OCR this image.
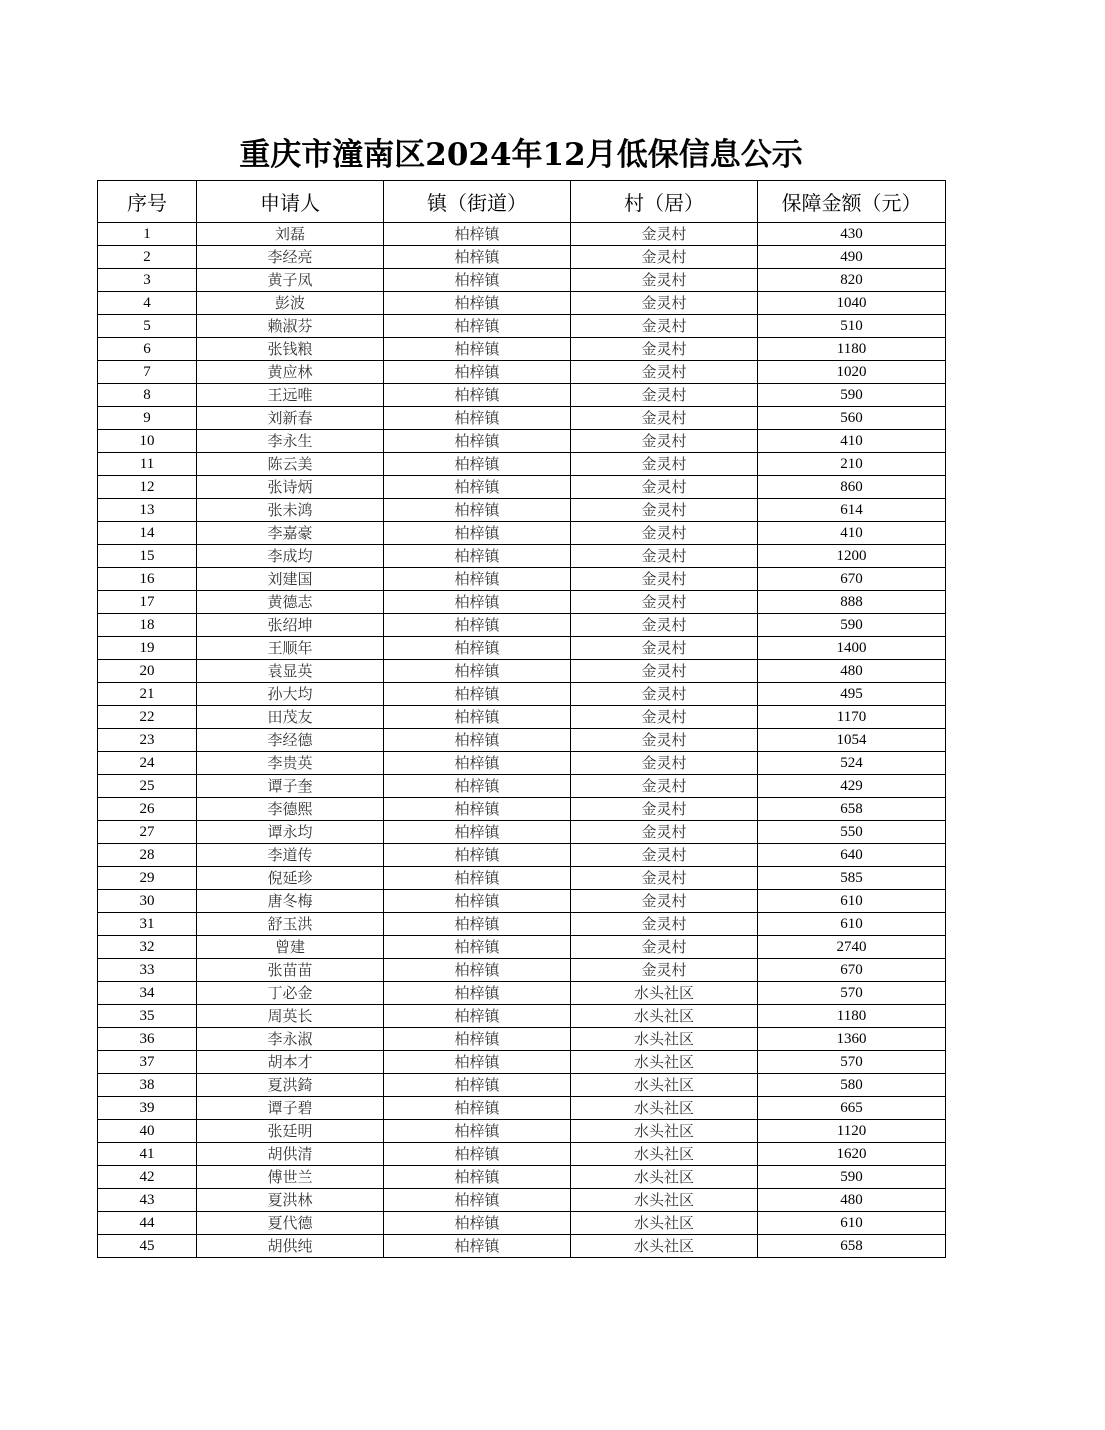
重庆市潼南区2024年12月低保信息公示
序号	申请人	镇（街道）	村（居）	保障金额（元）
1	刘磊	柏梓镇	金灵村	430
2	李经亮	柏梓镇	金灵村	490
3	黄子凤	柏梓镇	金灵村	820
4	彭波	柏梓镇	金灵村	1040
5	赖淑芬	柏梓镇	金灵村	510
6	张钱粮	柏梓镇	金灵村	1180
7	黄应林	柏梓镇	金灵村	1020
8	王远唯	柏梓镇	金灵村	590
9	刘新春	柏梓镇	金灵村	560
10	李永生	柏梓镇	金灵村	410
11	陈云美	柏梓镇	金灵村	210
12	张诗炳	柏梓镇	金灵村	860
13	张未鸿	柏梓镇	金灵村	614
14	李嘉豪	柏梓镇	金灵村	410
15	李成均	柏梓镇	金灵村	1200
16	刘建国	柏梓镇	金灵村	670
17	黄德志	柏梓镇	金灵村	888
18	张绍坤	柏梓镇	金灵村	590
19	王顺年	柏梓镇	金灵村	1400
20	袁显英	柏梓镇	金灵村	480
21	孙大均	柏梓镇	金灵村	495
22	田茂友	柏梓镇	金灵村	1170
23	李经德	柏梓镇	金灵村	1054
24	李贵英	柏梓镇	金灵村	524
25	谭子奎	柏梓镇	金灵村	429
26	李德熙	柏梓镇	金灵村	658
27	谭永均	柏梓镇	金灵村	550
28	李道传	柏梓镇	金灵村	640
29	倪延珍	柏梓镇	金灵村	585
30	唐冬梅	柏梓镇	金灵村	610
31	舒玉洪	柏梓镇	金灵村	610
32	曾建	柏梓镇	金灵村	2740
33	张苗苗	柏梓镇	金灵村	670
34	丁必金	柏梓镇	水头社区	570
35	周英长	柏梓镇	水头社区	1180
36	李永淑	柏梓镇	水头社区	1360
37	胡本才	柏梓镇	水头社区	570
38	夏洪錡	柏梓镇	水头社区	580
39	谭子碧	柏梓镇	水头社区	665
40	张廷明	柏梓镇	水头社区	1120
41	胡供清	柏梓镇	水头社区	1620
42	傅世兰	柏梓镇	水头社区	590
43	夏洪林	柏梓镇	水头社区	480
44	夏代德	柏梓镇	水头社区	610
45	胡供纯	柏梓镇	水头社区	658
